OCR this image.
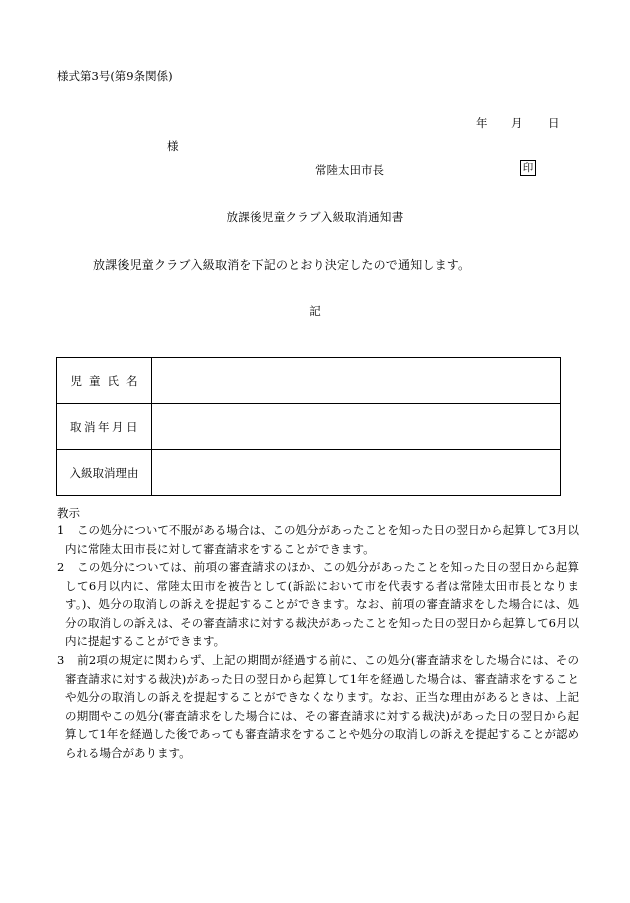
様式第3号(第9条関係)
年 月 日
様
常陸太田市長	印
放課後児童クラブ入級取消通知書
放課後児童クラブ入級取消を下記のとおり決定したので通知します。
記
児童氏名	
取消年月日	
入級取消理由	
教示
1	この処分について不服がある場合は、この処分があったことを知った日の翌日から起算して3月以内に常陸太田市長に対して審査請求をすることができます。
2	この処分については、前項の審査請求のほか、この処分があったことを知った日の翌日から起算して6月以内に、常陸太田市を被告として(訴訟において市を代表する者は常陸太田市長となります。)、処分の取消しの訴えを提起することができます。なお、前項の審査請求をした場合には、処分の取消しの訴えは、その審査請求に対する裁決があったことを知った日の翌日から起算して6月以内に提起することができます。
3	前2項の規定に関わらず、上記の期間が経過する前に、この処分(審査請求をした場合には、その審査請求に対する裁決)があった日の翌日から起算して1年を経過した場合は、審査請求をすることや処分の取消しの訴えを提起することができなくなります。なお、正当な理由があるときは、上記の期間やこの処分(審査請求をした場合には、その審査請求に対する裁決)があった日の翌日から起算して1年を経過した後であっても審査請求をすることや処分の取消しの訴えを提起することが認められる場合があります。
